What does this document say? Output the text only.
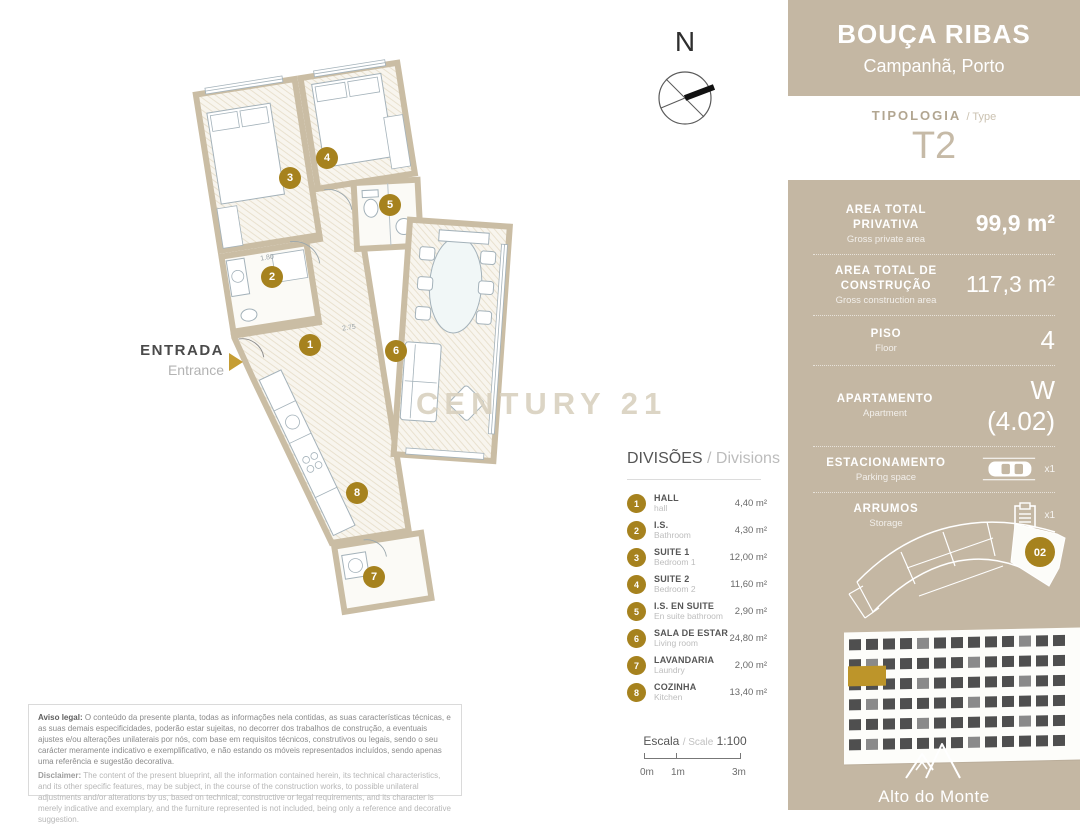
1.80
2.75
CENTURY 21
N
ENTRADA
Entrance
DIVISÕES / Divisions
1
HALL
hall	4,40 m²
2
I.S.
Bathroom	4,30 m²
3
SUITE 1
Bedroom 1	12,00 m²
4
SUITE 2
Bedroom 2	11,60 m²
5
I.S. EN SUITE
En suite bathroom	2,90 m²
6
SALA DE ESTAR
Living room	24,80 m²
7
LAVANDARIA
Laundry	2,00 m²
8
COZINHA
Kitchen	13,40 m²
Escala / Scale 1:100
0m 1m	3m
Aviso legal: O conteúdo da presente planta, todas as informações nela contidas, as suas características técnicas, e as suas demais especificidades, poderão estar sujeitas, no decorrer dos trabalhos de construção, a eventuais ajustes e/ou alterações unilaterais por nós, com base em requisitos técnicos, construtivos ou legais, sendo o seu carácter meramente indicativo e exemplificativo, e não estando os móveis representados incluídos, sendo apenas uma referência e sugestão decorativa.
Disclaimer: The content of the present blueprint, all the information contained herein, its technical characteristics, and its other specific features, may be subject, in the course of the construction works, to possible unilateral adjustments and/or alterations by us, based on technical, constructive or legal requirements, and its character is merely indicative and exemplary, and the furniture represented is not included, being only a reference and decorative suggestion.
1
2
3
4
5
6
7
8
BOUÇA RIBAS
Campanhã, Porto
TIPOLOGIA / Type
T2
AREA TOTAL PRIVATIVA
Gross private area
99,9 m²
AREA TOTAL DE CONSTRUÇÃO
Gross construction area
117,3 m²
PISO
Floor	4
APARTAMENTO
Apartment
W (4.02)
ESTACIONAMENTO
Parking space
x1
ARRUMOS
Storage
x1
02
Alto do Monte
